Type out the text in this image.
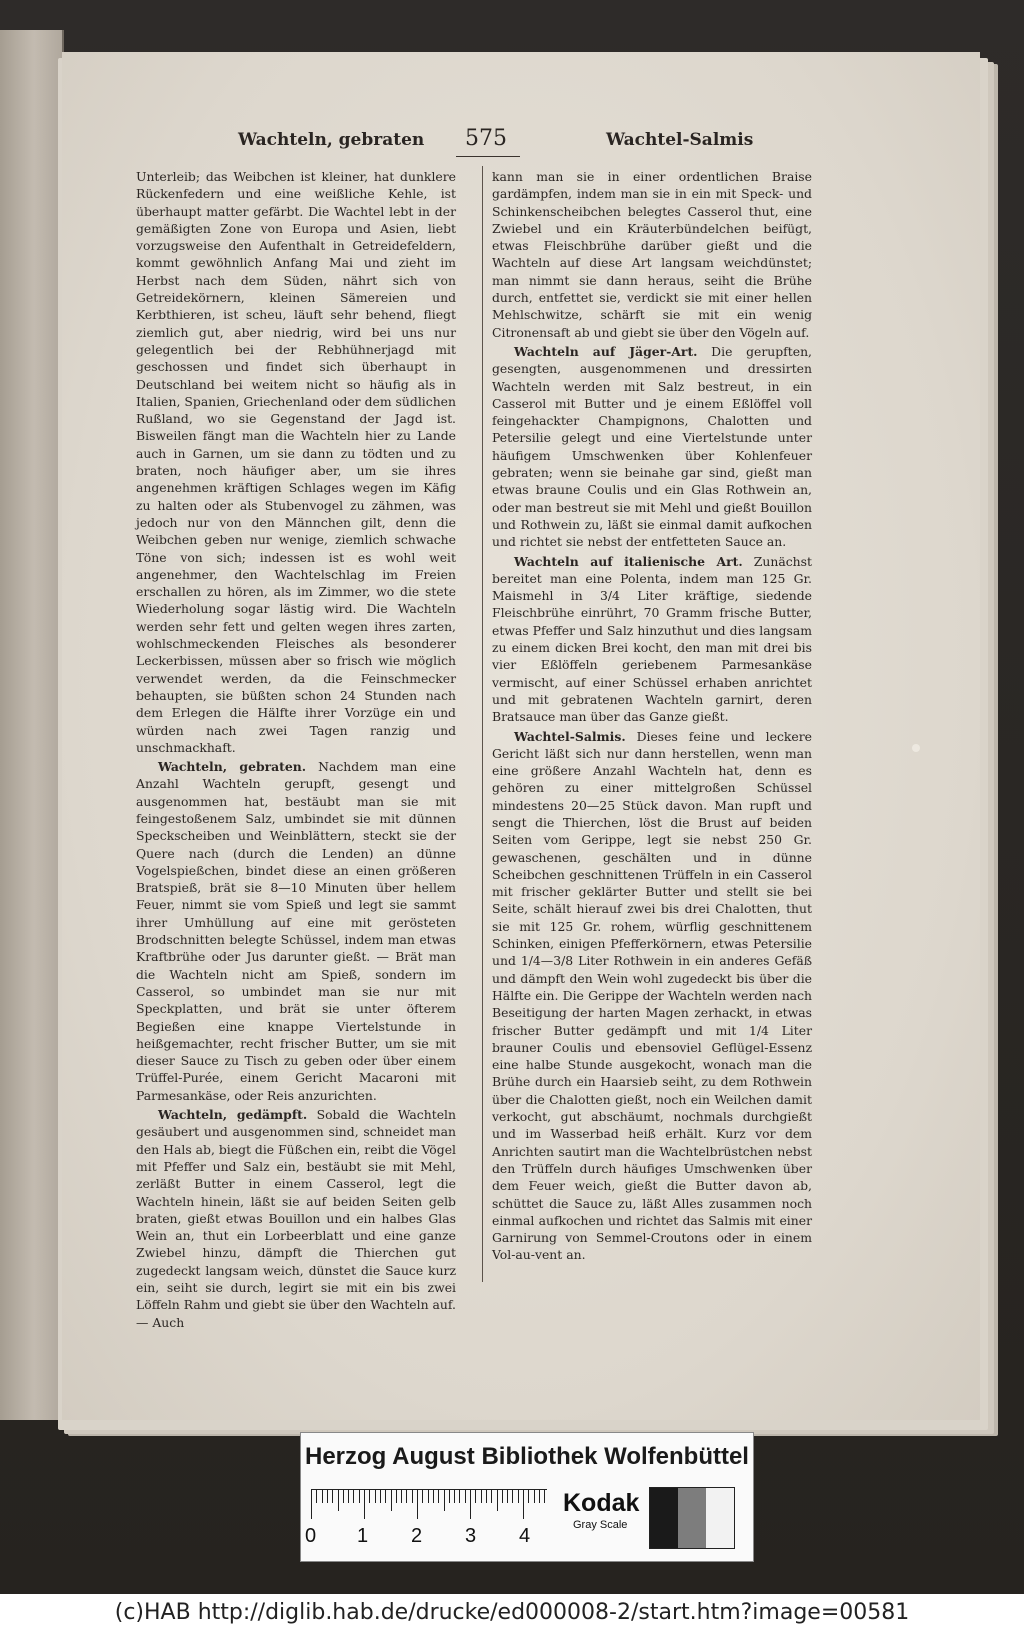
Wachteln, gebraten 575	Wachtel-Salmis

Unterleib; das Weibchen ist kleiner, hat dunklere Rückenfedern und eine weißliche Kehle, ist überhaupt matter gefärbt. Die Wachtel lebt in der gemäßigten Zone von Europa und Asien, liebt vorzugsweise den Aufenthalt in Getreidefeldern, kommt gewöhnlich Anfang Mai und zieht im Herbst nach dem Süden, nährt sich von Getreidekörnern, kleinen Sämereien und Kerbthieren, ist scheu, läuft sehr behend, fliegt ziemlich gut, aber niedrig, wird bei uns nur gelegentlich bei der Rebhühnerjagd mit geschossen und findet sich überhaupt in Deutschland bei weitem nicht so häufig als in Italien, Spanien, Griechenland oder dem südlichen Rußland, wo sie Gegenstand der Jagd ist. Bisweilen fängt man die Wachteln hier zu Lande auch in Garnen, um sie dann zu tödten und zu braten, noch häufiger aber, um sie ihres angenehmen kräftigen Schlages wegen im Käfig zu halten oder als Stubenvogel zu zähmen, was jedoch nur von den Männchen gilt, denn die Weibchen geben nur wenige, ziemlich schwache Töne von sich; indessen ist es wohl weit angenehmer, den Wachtelschlag im Freien erschallen zu hören, als im Zimmer, wo die stete Wiederholung sogar lästig wird. Die Wachteln werden sehr fett und gelten wegen ihres zarten, wohlschmeckenden Fleisches als besonderer Leckerbissen, müssen aber so frisch wie möglich verwendet werden, da die Feinschmecker behaupten, sie büßten schon 24 Stunden nach dem Erlegen die Hälfte ihrer Vorzüge ein und würden nach zwei Tagen ranzig und unschmackhaft.

Wachteln, gebraten. Nachdem man eine Anzahl Wachteln gerupft, gesengt und ausgenommen hat, bestäubt man sie mit feingestoßenem Salz, umbindet sie mit dünnen Speckscheiben und Weinblättern, steckt sie der Quere nach (durch die Lenden) an dünne Vogelspießchen, bindet diese an einen größeren Bratspieß, brät sie 8—10 Minuten über hellem Feuer, nimmt sie vom Spieß und legt sie sammt ihrer Umhüllung auf eine mit gerösteten Brodschnitten belegte Schüssel, indem man etwas Kraftbrühe oder Jus darunter gießt. — Brät man die Wachteln nicht am Spieß, sondern im Casserol, so umbindet man sie nur mit Speckplatten, und brät sie unter öfterem Begießen eine knappe Viertelstunde in heißgemachter, recht frischer Butter, um sie mit dieser Sauce zu Tisch zu geben oder über einem Trüffel-Purée, einem Gericht Macaroni mit Parmesankäse, oder Reis anzurichten.

Wachteln, gedämpft. Sobald die Wachteln gesäubert und ausgenommen sind, schneidet man den Hals ab, biegt die Füßchen ein, reibt die Vögel mit Pfeffer und Salz ein, bestäubt sie mit Mehl, zerläßt Butter in einem Casserol, legt die Wachteln hinein, läßt sie auf beiden Seiten gelb braten, gießt etwas Bouillon und ein halbes Glas Wein an, thut ein Lorbeerblatt und eine ganze Zwiebel hinzu, dämpft die Thierchen gut zugedeckt langsam weich, dünstet die Sauce kurz ein, seiht sie durch, legirt sie mit ein bis zwei Löffeln Rahm und giebt sie über den Wachteln auf. — Auch

kann man sie in einer ordentlichen Braise gardämpfen, indem man sie in ein mit Speck- und Schinkenscheibchen belegtes Casserol thut, eine Zwiebel und ein Kräuterbündelchen beifügt, etwas Fleischbrühe darüber gießt und die Wachteln auf diese Art langsam weichdünstet; man nimmt sie dann heraus, seiht die Brühe durch, entfettet sie, verdickt sie mit einer hellen Mehlschwitze, schärft sie mit ein wenig Citronensaft ab und giebt sie über den Vögeln auf.

Wachteln auf Jäger-Art. Die gerupften, gesengten, ausgenommenen und dressirten Wachteln werden mit Salz bestreut, in ein Casserol mit Butter und je einem Eßlöffel voll feingehackter Champignons, Chalotten und Petersilie gelegt und eine Viertelstunde unter häufigem Umschwenken über Kohlenfeuer gebraten; wenn sie beinahe gar sind, gießt man etwas braune Coulis und ein Glas Rothwein an, oder man bestreut sie mit Mehl und gießt Bouillon und Rothwein zu, läßt sie einmal damit aufkochen und richtet sie nebst der entfetteten Sauce an.

Wachteln auf italienische Art. Zunächst bereitet man eine Polenta, indem man 125 Gr. Maismehl in 3/4 Liter kräftige, siedende Fleischbrühe einrührt, 70 Gramm frische Butter, etwas Pfeffer und Salz hinzuthut und dies langsam zu einem dicken Brei kocht, den man mit drei bis vier Eßlöffeln geriebenem Parmesankäse vermischt, auf einer Schüssel erhaben anrichtet und mit gebratenen Wachteln garnirt, deren Bratsauce man über das Ganze gießt.

Wachtel-Salmis. Dieses feine und leckere Gericht läßt sich nur dann herstellen, wenn man eine größere Anzahl Wachteln hat, denn es gehören zu einer mittelgroßen Schüssel mindestens 20—25 Stück davon. Man rupft und sengt die Thierchen, löst die Brust auf beiden Seiten vom Gerippe, legt sie nebst 250 Gr. gewaschenen, geschälten und in dünne Scheibchen geschnittenen Trüffeln in ein Casserol mit frischer geklärter Butter und stellt sie bei Seite, schält hierauf zwei bis drei Chalotten, thut sie mit 125 Gr. rohem, würflig geschnittenem Schinken, einigen Pfefferkörnern, etwas Petersilie und 1/4—3/8 Liter Rothwein in ein anderes Gefäß und dämpft den Wein wohl zugedeckt bis über die Hälfte ein. Die Gerippe der Wachteln werden nach Beseitigung der harten Magen zerhackt, in etwas frischer Butter gedämpft und mit 1/4 Liter brauner Coulis und ebensoviel Geflügel-Essenz eine halbe Stunde ausgekocht, wonach man die Brühe durch ein Haarsieb seiht, zu dem Rothwein über die Chalotten gießt, noch ein Weilchen damit verkocht, gut abschäumt, nochmals durchgießt und im Wasserbad heiß erhält. Kurz vor dem Anrichten sautirt man die Wachtelbrüstchen nebst den Trüffeln durch häufiges Umschwenken über dem Feuer weich, gießt die Butter davon ab, schüttet die Sauce zu, läßt Alles zusammen noch einmal aufkochen und richtet das Salmis mit einer Garnirung von Semmel-Croutons oder in einem Vol-au-vent an.

Herzog August Bibliothek Wolfenbüttel
0 1 2 3 4
Kodak
Gray Scale
(c)HAB http://diglib.hab.de/drucke/ed000008-2/start.htm?image=00581
